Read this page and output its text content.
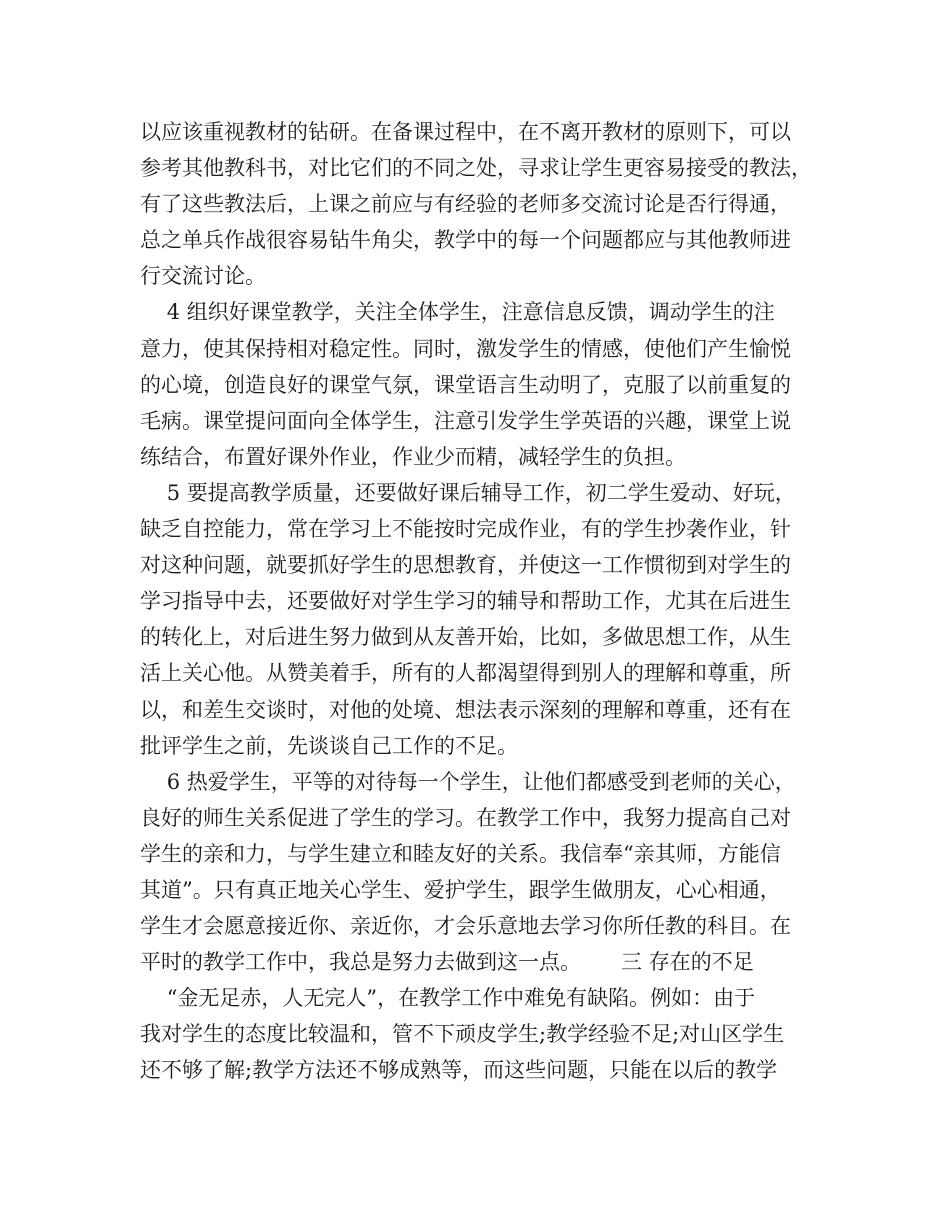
以应该重视教材的钻研。在备课过程中，在不离开教材的原则下，可以
参考其他教科书，对比它们的不同之处，寻求让学生更容易接受的教法，
有了这些教法后，上课之前应与有经验的老师多交流讨论是否行得通，
总之单兵作战很容易钻牛角尖，教学中的每一个问题都应与其他教师进
行交流讨论。
4 组织好课堂教学，关注全体学生，注意信息反馈，调动学生的注
意力，使其保持相对稳定性。同时，激发学生的情感，使他们产生愉悦
的心境，创造良好的课堂气氛，课堂语言生动明了，克服了以前重复的
毛病。课堂提问面向全体学生，注意引发学生学英语的兴趣，课堂上说
练结合，布置好课外作业，作业少而精，减轻学生的负担。
5 要提高教学质量，还要做好课后辅导工作，初二学生爱动、好玩，
缺乏自控能力，常在学习上不能按时完成作业，有的学生抄袭作业，针
对这种问题，就要抓好学生的思想教育，并使这一工作惯彻到对学生的
学习指导中去，还要做好对学生学习的辅导和帮助工作，尤其在后进生
的转化上，对后进生努力做到从友善开始，比如，多做思想工作，从生
活上关心他。从赞美着手，所有的人都渴望得到别人的理解和尊重，所
以，和差生交谈时，对他的处境、想法表示深刻的理解和尊重，还有在
批评学生之前，先谈谈自己工作的不足。
6 热爱学生，平等的对待每一个学生，让他们都感受到老师的关心，
良好的师生关系促进了学生的学习。在教学工作中，我努力提高自己对
学生的亲和力，与学生建立和睦友好的关系。我信奉“亲其师，方能信
其道”。只有真正地关心学生、爱护学生，跟学生做朋友，心心相通，
学生才会愿意接近你、亲近你，才会乐意地去学习你所任教的科目。在
平时的教学工作中，我总是努力去做到这一点。      三 存在的不足
“金无足赤，人无完人”，在教学工作中难免有缺陷。例如：由于
我对学生的态度比较温和，管不下顽皮学生;教学经验不足;对山区学生
还不够了解;教学方法还不够成熟等，而这些问题，只能在以后的教学
